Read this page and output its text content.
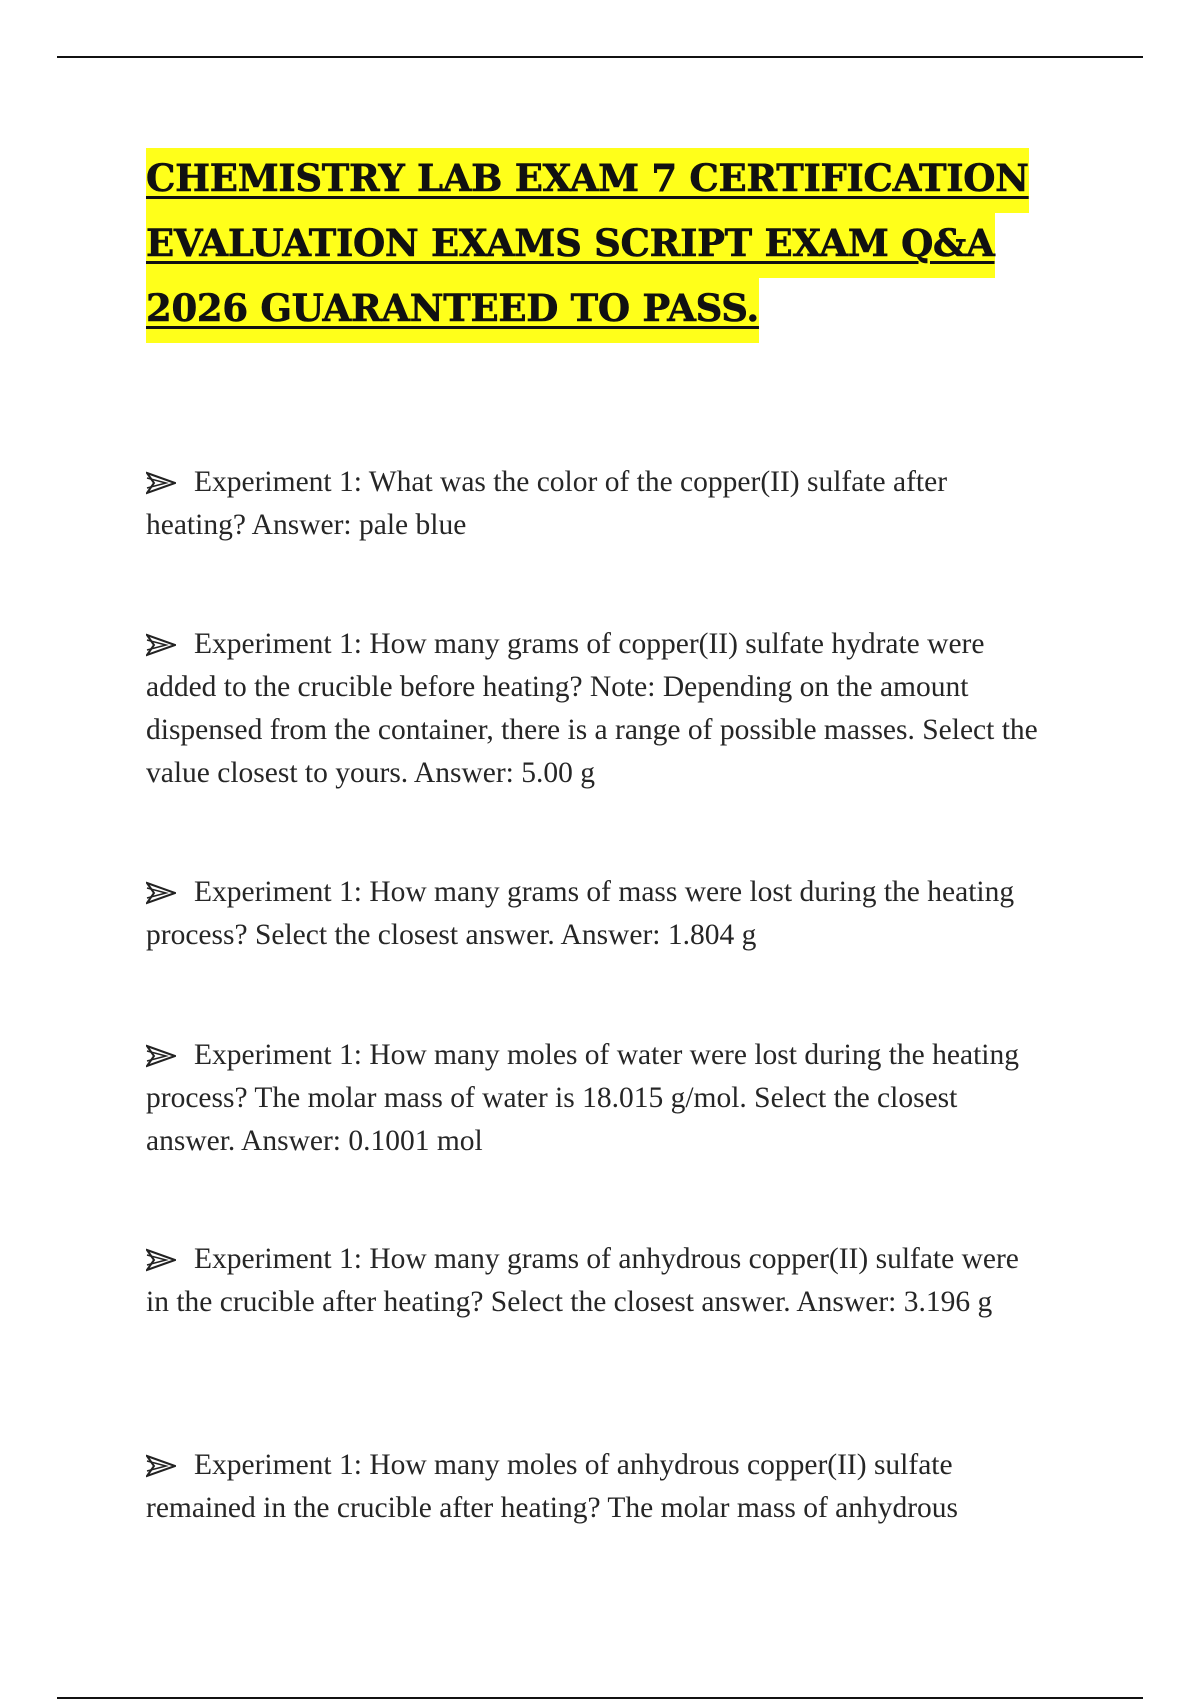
CHEMISTRY LAB EXAM 7 CERTIFICATION
EVALUATION EXAMS SCRIPT EXAM Q&A
2026 GUARANTEED TO PASS.
Experiment 1: What was the color of the copper(II) sulfate after heating? Answer: pale blue
Experiment 1: How many grams of copper(II) sulfate hydrate were added to the crucible before heating? Note: Depending on the amount dispensed from the container, there is a range of possible masses. Select the value closest to yours. Answer: 5.00 g
Experiment 1: How many grams of mass were lost during the heating process? Select the closest answer. Answer: 1.804 g
Experiment 1: How many moles of water were lost during the heating process? The molar mass of water is 18.015 g/mol. Select the closest answer. Answer: 0.1001 mol
Experiment 1: How many grams of anhydrous copper(II) sulfate were in the crucible after heating? Select the closest answer. Answer: 3.196 g
Experiment 1: How many moles of anhydrous copper(II) sulfate remained in the crucible after heating? The molar mass of anhydrous
